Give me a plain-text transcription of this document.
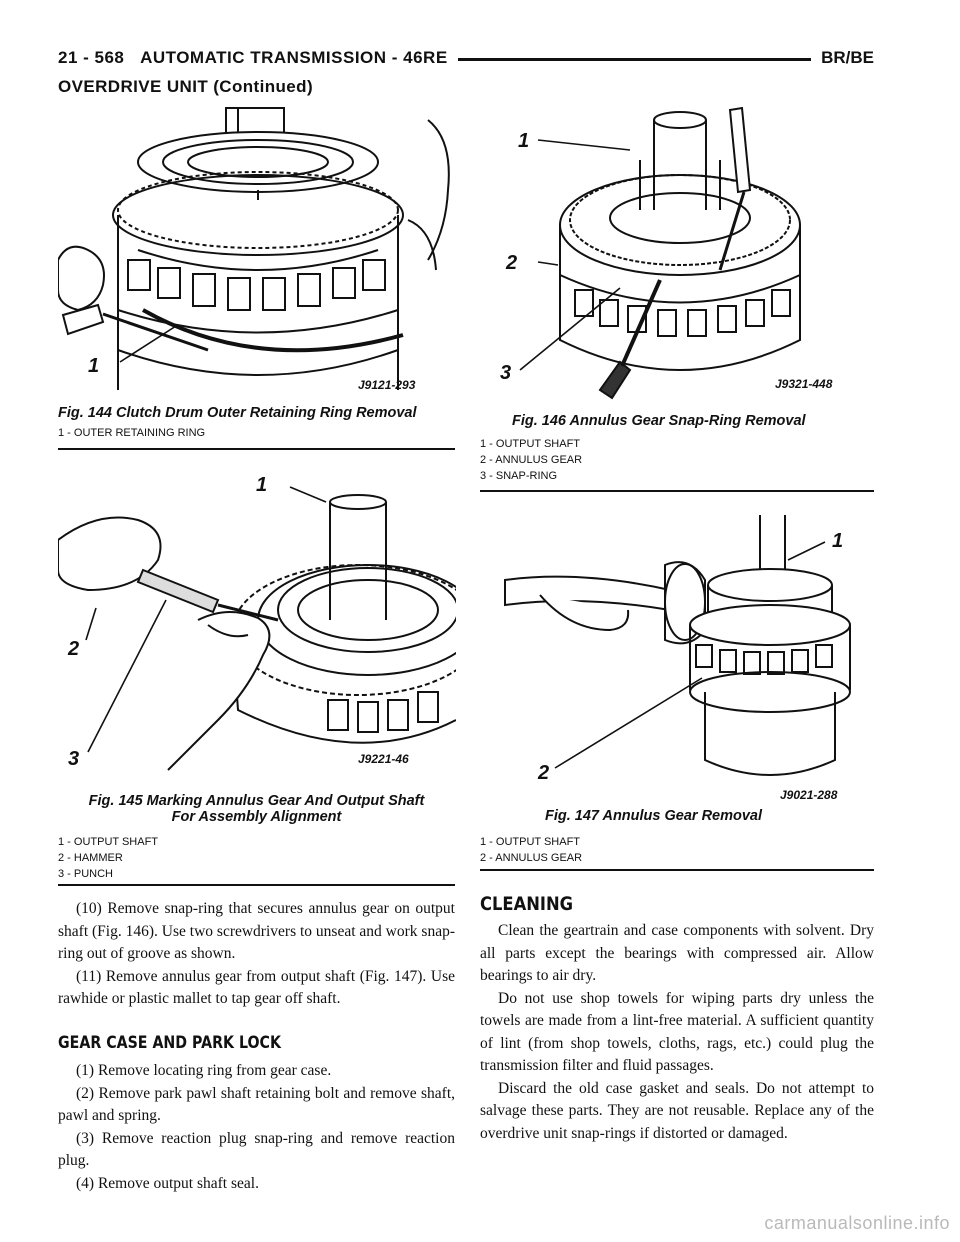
21 - 568 AUTOMATIC TRANSMISSION - 46RE	BR/BE
OVERDRIVE UNIT (Continued)
1
J9121-293
Fig. 144 Clutch Drum Outer Retaining Ring Removal
1 - OUTER RETAINING RING
1
2
3	J9221-46
Fig. 145 Marking Annulus Gear And Output Shaft
For Assembly Alignment
1 - OUTPUT SHAFT
2 - HAMMER
3 - PUNCH
1
2
3	J9321-448
Fig. 146 Annulus Gear Snap-Ring Removal
1 - OUTPUT SHAFT
2 - ANNULUS GEAR
3 - SNAP-RING
1
2
J9021-288
Fig. 147 Annulus Gear Removal
1 - OUTPUT SHAFT
2 - ANNULUS GEAR

(10) Remove snap-ring that secures annulus gear on output shaft (Fig. 146). Use two screwdrivers to unseat and work snap-ring out of groove as shown.

(11) Remove annulus gear from output shaft (Fig. 147). Use rawhide or plastic mallet to tap gear off shaft.

GEAR CASE AND PARK LOCK

(1) Remove locating ring from gear case.

(2) Remove park pawl shaft retaining bolt and remove shaft, pawl and spring.

(3) Remove reaction plug snap-ring and remove reaction plug.

(4) Remove output shaft seal.

CLEANING

Clean the geartrain and case components with solvent. Dry all parts except the bearings with compressed air. Allow bearings to air dry.

Do not use shop towels for wiping parts dry unless the towels are made from a lint-free material. A sufficient quantity of lint (from shop towels, cloths, rags, etc.) could plug the transmission filter and fluid passages.

Discard the old case gasket and seals. Do not attempt to salvage these parts. They are not reusable. Replace any of the overdrive unit snap-rings if distorted or damaged.

carmanualsonline.info
